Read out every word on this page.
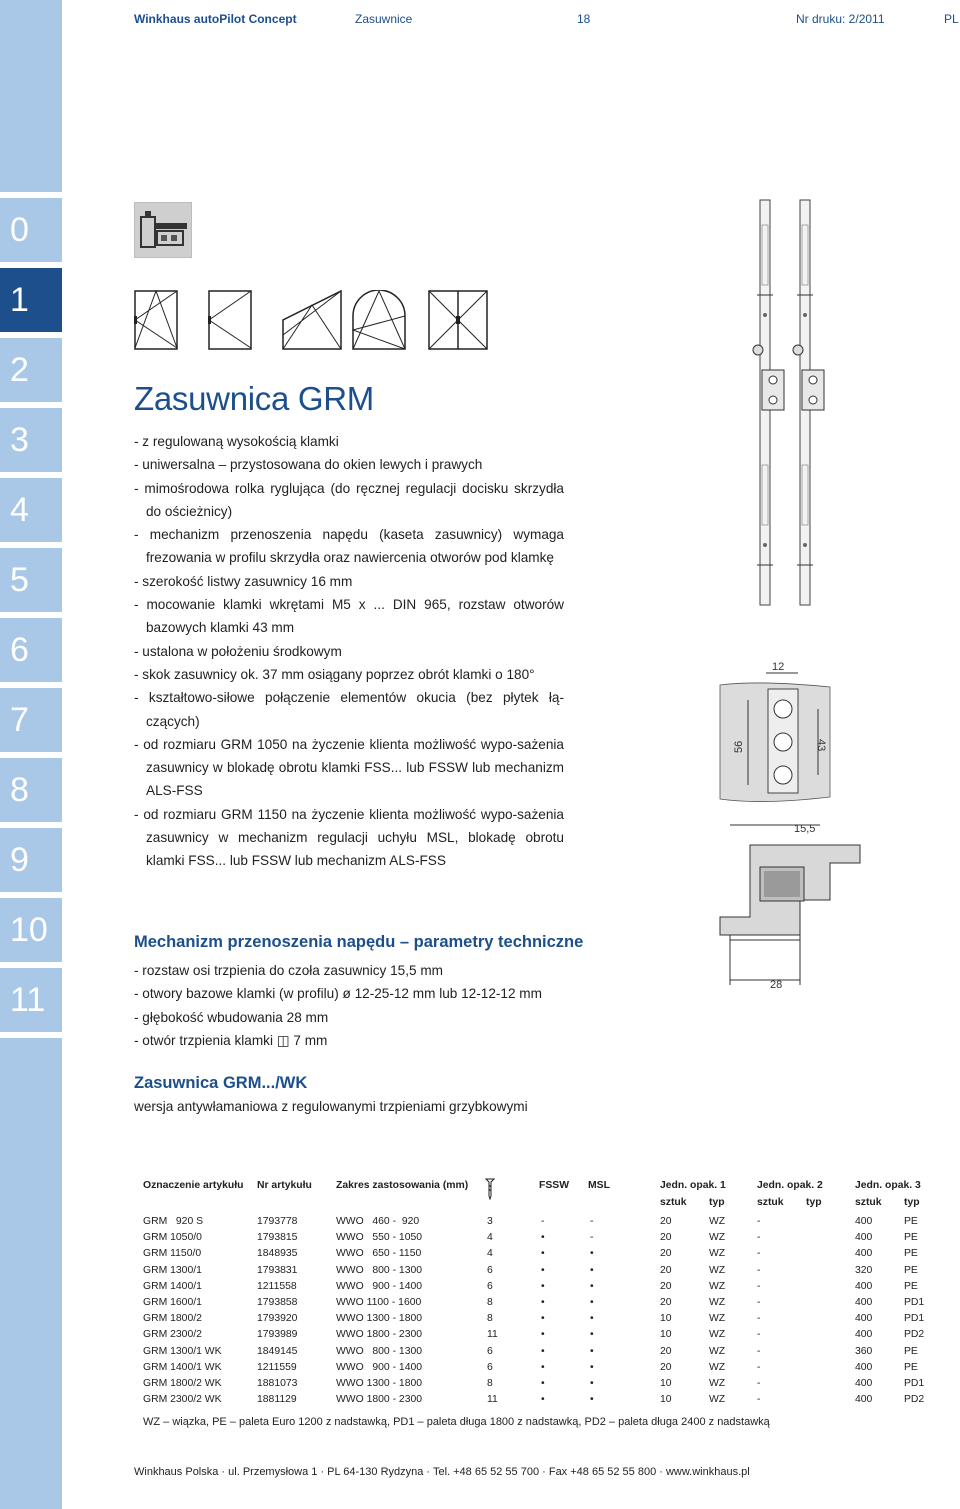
0
1
2
3
4
5
6
7
8
9
10
11
Winkhaus autoPilot Concept	Zasuwnice	18	Nr druku: 2/2011	PL
Zasuwnica GRM
- z regulowaną wysokością klamki
- uniwersalna – przystosowana do okien lewych i prawych
- mimośrodowa rolka ryglująca (do ręcznej regulacji docisku skrzydła do ościeżnicy)
- mechanizm przenoszenia napędu (kaseta zasuwnicy) wymaga frezowania w profilu skrzydła oraz nawiercenia otworów pod klamkę
- szerokość listwy zasuwnicy 16 mm
- mocowanie klamki wkrętami M5 x ... DIN 965, rozstaw otworów bazowych klamki 43 mm
- ustalona w położeniu środkowym
- skok zasuwnicy ok. 37 mm osiągany poprzez obrót klamki o 180°
- kształtowo-siłowe połączenie elementów okucia (bez płytek łą-czących)
- od rozmiaru GRM 1050 na życzenie klienta możliwość wypo-sażenia zasuwnicy w blokadę obrotu klamki FSS... lub FSSW lub mechanizm ALS-FSS
- od rozmiaru GRM 1150 na życzenie klienta możliwość wypo-sażenia zasuwnicy w mechanizm regulacji uchyłu MSL, blokadę obrotu klamki FSS... lub FSSW lub mechanizm ALS-FSS
Mechanizm przenoszenia napędu – parametry techniczne
- rozstaw osi trzpienia do czoła zasuwnicy 15,5 mm
- otwory bazowe klamki (w profilu) ø 12-25-12 mm lub 12-12-12 mm
- głębokość wbudowania 28 mm
- otwór trzpienia klamki ◫ 7 mm
Zasuwnica GRM.../WK
wersja antywłamaniowa z regulowanymi trzpieniami grzybkowymi
12
56	43
15,5
28
Oznaczenie artykułu Nr artykułu Zakres zastosowania (mm)	FSSW MSL	Jedn. opak. 1	Jedn. opak. 2	Jedn. opak. 3
sztuk typ	sztuk typ	sztuk typ
GRM   920 S	1793778	WWO   460 -  920	3	-	-	20	WZ	-	400	PE
GRM 1050/0	1793815	WWO   550 - 1050	4	•	-	20	WZ	-	400	PE
GRM 1150/0	1848935	WWO   650 - 1150	4	•	•	20	WZ	-	400	PE
GRM 1300/1	1793831	WWO   800 - 1300	6	•	•	20	WZ	-	320	PE
GRM 1400/1	1211558	WWO   900 - 1400	6	•	•	20	WZ	-	400	PE
GRM 1600/1	1793858	WWO 1100 - 1600	8	•	•	20	WZ	-	400	PD1
GRM 1800/2	1793920	WWO 1300 - 1800	8	•	•	10	WZ	-	400	PD1
GRM 2300/2	1793989	WWO 1800 - 2300	11	•	•	10	WZ	-	400	PD2
GRM 1300/1 WK	1849145	WWO   800 - 1300	6	•	•	20	WZ	-	360	PE
GRM 1400/1 WK	1211559	WWO   900 - 1400	6	•	•	20	WZ	-	400	PE
GRM 1800/2 WK	1881073	WWO 1300 - 1800	8	•	•	10	WZ	-	400	PD1
GRM 2300/2 WK	1881129	WWO 1800 - 2300	11	•	•	10	WZ	-	400	PD2
WZ – wiązka, PE – paleta Euro 1200 z nadstawką, PD1 – paleta długa 1800 z nadstawką, PD2 – paleta długa 2400 z nadstawką
Winkhaus Polska · ul. Przemysłowa 1 · PL 64-130 Rydzyna · Tel. +48 65 52 55 700 · Fax +48 65 52 55 800 · www.winkhaus.pl
